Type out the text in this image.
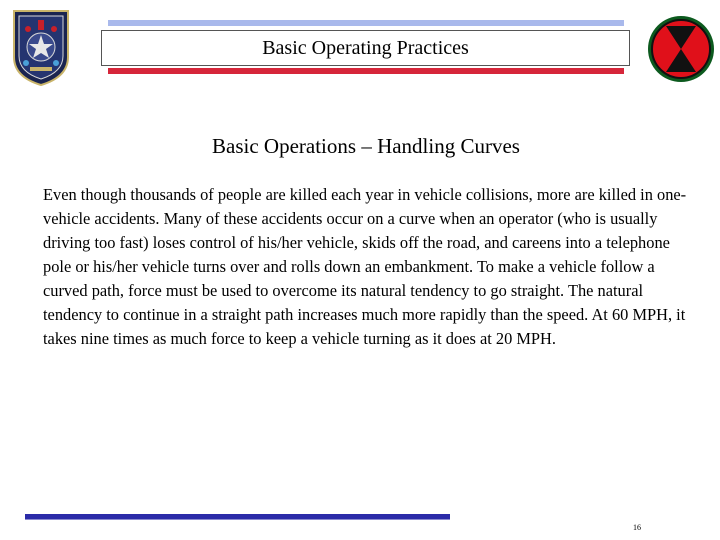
Basic Operating Practices
Basic Operations – Handling Curves

Even though thousands of people are killed each year in vehicle collisions, more are killed in one-vehicle accidents. Many of these accidents occur on a curve when an operator (who is usually driving too fast) loses control of his/her vehicle, skids off the road, and careens into a telephone pole or his/her vehicle turns over and rolls down an embankment. To make a vehicle follow a curved path, force must be used to overcome its natural tendency to go straight. The natural tendency to continue in a straight path increases much more rapidly than the speed. At 60 MPH, it takes nine times as much force to keep a vehicle turning as it does at 20 MPH.

16
